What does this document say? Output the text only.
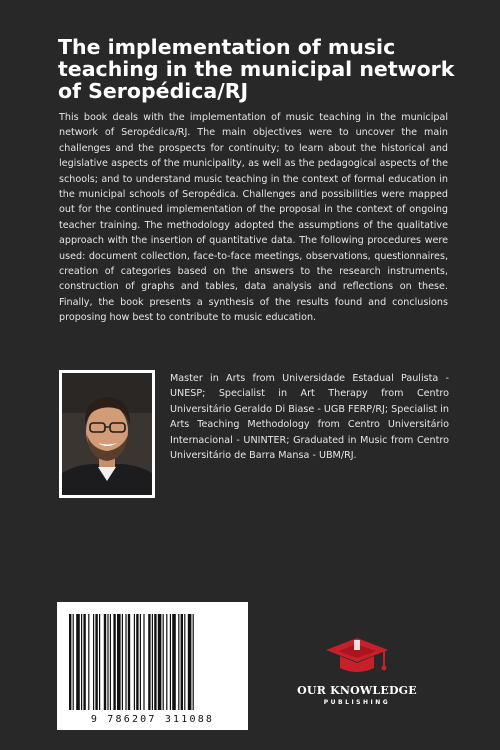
The implementation of music teaching in the municipal network of Seropédica/RJ

This book deals with the implementation of music teaching in the municipal network of Seropédica/RJ. The main objectives were to uncover the main challenges and the prospects for continuity; to learn about the historical and legislative aspects of the municipality, as well as the pedagogical aspects of the schools; and to understand music teaching in the context of formal education in the municipal schools of Seropédica. Challenges and possibilities were mapped out for the continued implementation of the proposal in the context of ongoing teacher training. The methodology adopted the assumptions of the qualitative approach with the insertion of quantitative data. The following procedures were used: document collection, face-to-face meetings, observations, questionnaires, creation of categories based on the answers to the research instruments, construction of graphs and tables, data analysis and reflections on these. Finally, the book presents a synthesis of the results found and conclusions proposing how best to contribute to music education.

Master in Arts from Universidade Estadual Paulista - UNESP; Specialist in Art Therapy from Centro Universitário Geraldo Di Biase - UGB FERP/RJ; Specialist in Arts Teaching Methodology from Centro Universitário Internacional - UNINTER; Graduated in Music from Centro Universitário de Barra Mansa - UBM/RJ.

9 786207 311088
OUR KNOWLEDGE
PUBLISHING
